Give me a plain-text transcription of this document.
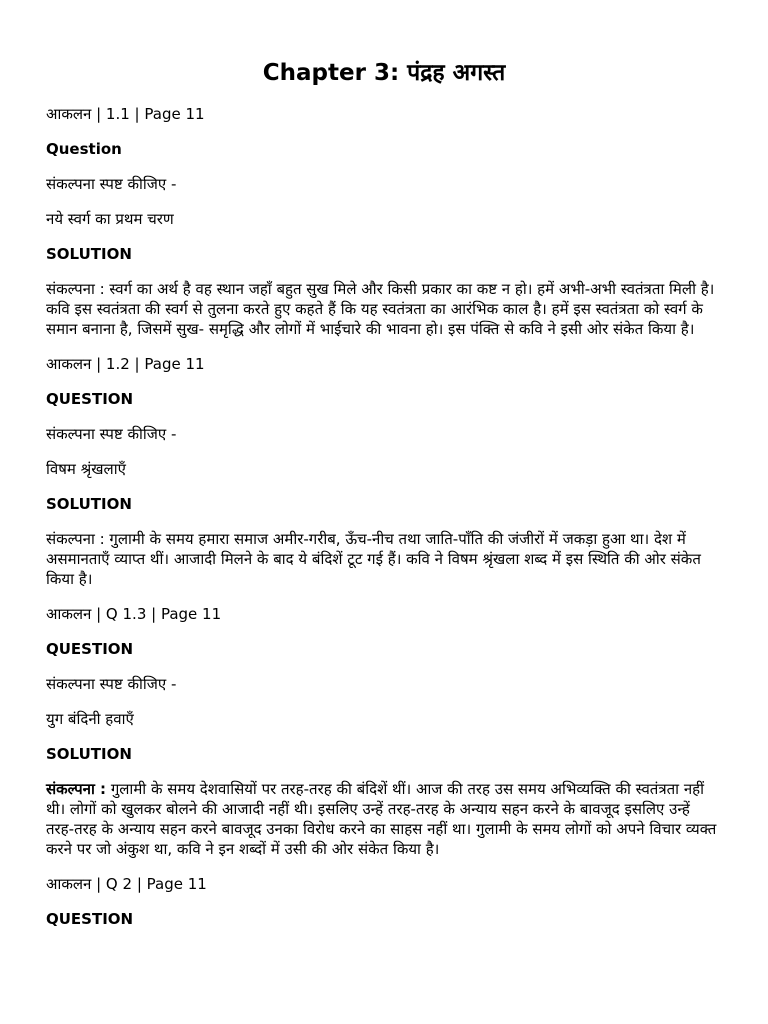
Chapter 3: पंद्रह अगस्त

आकलन | 1.1 | Page 11

Question

संकल्पना स्पष्ट कीजिए -

नये स्वर्ग का प्रथम चरण

SOLUTION

संकल्पना : स्वर्ग का अर्थ है वह स्थान जहाँ बहुत सुख मिले और किसी प्रकार का कष्ट न हो। हमें अभी-अभी स्वतंत्रता मिली है। कवि इस स्वतंत्रता की स्वर्ग से तुलना करते हुए कहते हैं कि यह स्वतंत्रता का आरंभिक काल है। हमें इस स्वतंत्रता को स्वर्ग के समान बनाना है, जिसमें सुख- समृद्धि और लोगों में भाईचारे की भावना हो। इस पंक्ति से कवि ने इसी ओर संकेत किया है।

आकलन | 1.2 | Page 11

QUESTION

संकल्पना स्पष्ट कीजिए -

विषम श्रृंखलाएँ

SOLUTION

संकल्पना : गुलामी के समय हमारा समाज अमीर-गरीब, ऊँच-नीच तथा जाति-पाँति की जंजीरों में जकड़ा हुआ था। देश में असमानताएँ व्याप्त थीं। आजादी मिलने के बाद ये बंदिशें टूट गई हैं। कवि ने विषम श्रृंखला शब्द में इस स्थिति की ओर संकेत किया है।

आकलन | Q 1.3 | Page 11

QUESTION

संकल्पना स्पष्ट कीजिए -

युग बंदिनी हवाएँ

SOLUTION

संकल्पना : गुलामी के समय देशवासियों पर तरह-तरह की बंदिशें थीं। आज की तरह उस समय अभिव्यक्ति की स्वतंत्रता नहीं थी। लोगों को खुलकर बोलने की आजादी नहीं थी। इसलिए उन्हें तरह-तरह के अन्याय सहन करने के बावजूद इसलिए उन्हें तरह-तरह के अन्याय सहन करने बावजूद उनका विरोध करने का साहस नहीं था। गुलामी के समय लोगों को अपने विचार व्यक्त करने पर जो अंकुश था, कवि ने इन शब्दों में उसी की ओर संकेत किया है।

आकलन | Q 2 | Page 11

QUESTION
